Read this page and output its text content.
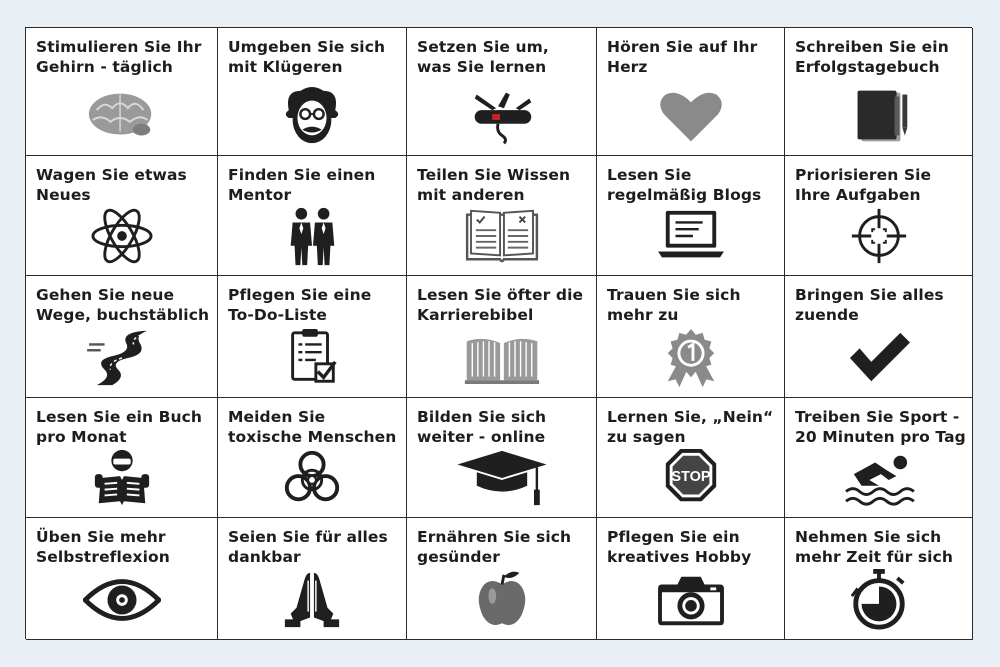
Stimulieren Sie Ihr
Gehirn - täglich
Umgeben Sie sich
mit Klügeren
Setzen Sie um,
was Sie lernen
Hören Sie auf Ihr
Herz
Schreiben Sie ein
Erfolgstagebuch
Wagen Sie etwas
Neues
Finden Sie einen
Mentor
Teilen Sie Wissen
mit anderen
Lesen Sie
regelmäßig Blogs
Priorisieren Sie
Ihre Aufgaben
Gehen Sie neue
Wege, buchstäblich
Pflegen Sie eine
To-Do-Liste
Lesen Sie öfter die
Karrierebibel
Trauen Sie sich
mehr zu
Bringen Sie alles
zuende
Lesen Sie ein Buch
pro Monat
Meiden Sie
toxische Menschen
Bilden Sie sich
weiter - online
Lernen Sie, „Nein“
zu sagen
STOP
Treiben Sie Sport -
20 Minuten pro Tag
Üben Sie mehr
Selbstreflexion
Seien Sie für alles
dankbar
Ernähren Sie sich
gesünder
Pflegen Sie ein
kreatives Hobby
Nehmen Sie sich
mehr Zeit für sich
